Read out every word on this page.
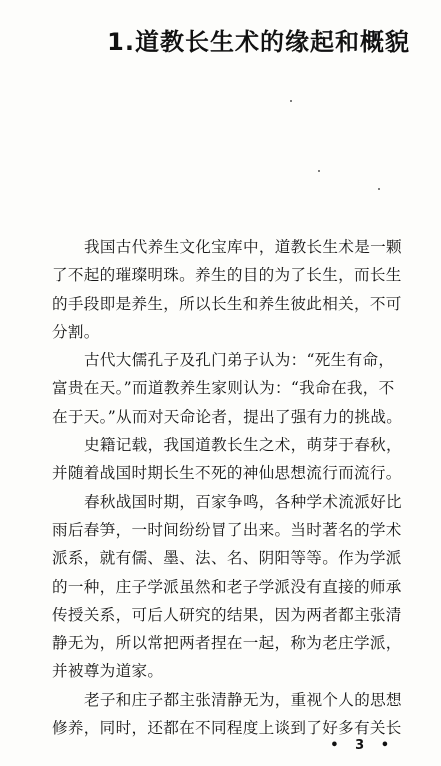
1.道教长生术的缘起和概貌
我国古代养生文化宝库中，道教长生术是一颗
了不起的璀璨明珠。养生的目的为了长生，而长生
的手段即是养生，所以长生和养生彼此相关，不可
分割。
古代大儒孔子及孔门弟子认为：“死生有命，
富贵在天。”而道教养生家则认为：“我命在我，不
在于天。”从而对天命论者，提出了强有力的挑战。
史籍记载，我国道教长生之术，萌芽于春秋，
并随着战国时期长生不死的神仙思想流行而流行。
春秋战国时期，百家争鸣，各种学术流派好比
雨后春笋，一时间纷纷冒了出来。当时著名的学术
派系，就有儒、墨、法、名、阴阳等等。作为学派
的一种，庄子学派虽然和老子学派没有直接的师承
传授关系，可后人研究的结果，因为两者都主张清
静无为，所以常把两者捏在一起，称为老庄学派，
并被尊为道家。
老子和庄子都主张清静无为，重视个人的思想
修养，同时，还都在不同程度上谈到了好多有关长
• 3 •
